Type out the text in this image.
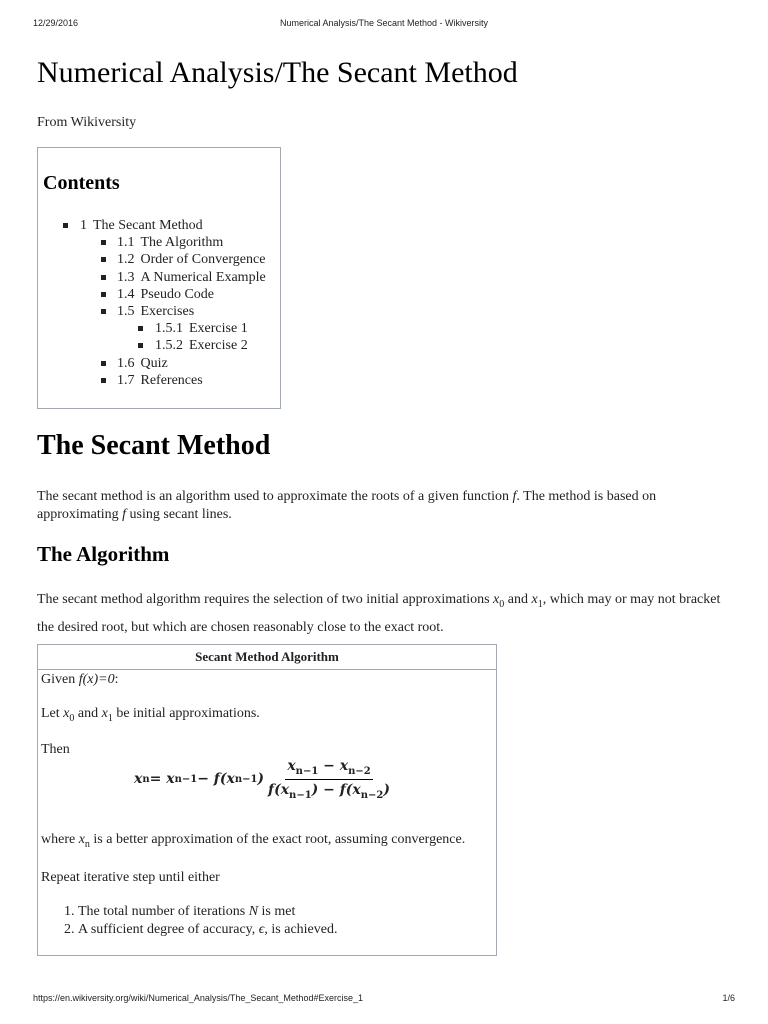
12/29/2016	Numerical Analysis/The Secant Method - Wikiversity
Numerical Analysis/The Secant Method
From Wikiversity
Contents
1 The Secant Method
1.1 The Algorithm
1.2 Order of Convergence
1.3 A Numerical Example
1.4 Pseudo Code
1.5 Exercises
1.5.1 Exercise 1
1.5.2 Exercise 2
1.6 Quiz
1.7 References
The Secant Method

The secant method is an algorithm used to approximate the roots of a given function f. The method is based on approximating f using secant lines.

The Algorithm

The secant method algorithm requires the selection of two initial approximations $x_0$ and $x_1$, which may or may not bracket the desired root, but which are chosen reasonably close to the exact root.

Secant Method Algorithm
Given f(x)=0:
Let $x_0$ and $x_1$ be initial approximations.
Then
x n = x n−1 − f(x n−1 ) $\frac{x_{n-1} - x_{n-2}}{f(x_{n-1}) - f(x_{n-2})}$
where $x_n$ is a better approximation of the exact root, assuming convergence.
Repeat iterative step until either
1. The total number of iterations N is met
2. A sufficient degree of accuracy, ϵ, is achieved.
https://en.wikiversity.org/wiki/Numerical_Analysis/The_Secant_Method#Exercise_1	1/6
